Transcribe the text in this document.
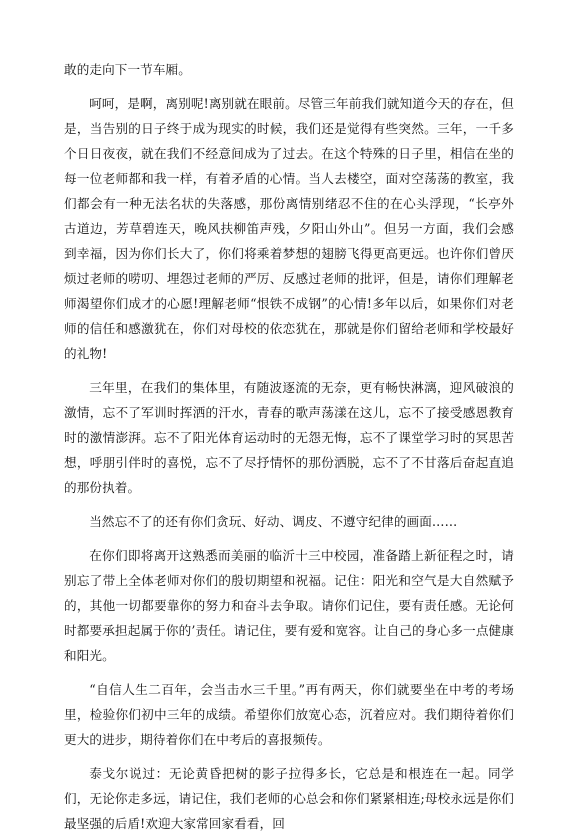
敢的走向下一节车厢。

呵呵，是啊，离别呢!离别就在眼前。尽管三年前我们就知道今天的存在，但是，当告别的日子终于成为现实的时候，我们还是觉得有些突然。三年，一千多个日日夜夜，就在我们不经意间成为了过去。在这个特殊的日子里，相信在坐的每一位老师都和我一样，有着矛盾的心情。当人去楼空，面对空荡荡的教室，我们都会有一种无法名状的失落感，那份离情别绪忍不住的在心头浮现，“长亭外古道边，芳草碧连天，晚风扶柳笛声残，夕阳山外山”。但另一方面，我们会感到幸福，因为你们长大了，你们将乘着梦想的翅膀飞得更高更远。也许你们曾厌烦过老师的唠叨、埋怨过老师的严厉、反感过老师的批评，但是，请你们理解老师渴望你们成才的心愿!理解老师“恨铁不成钢”的心情!多年以后，如果你们对老师的信任和感激犹在，你们对母校的依恋犹在，那就是你们留给老师和学校最好的礼物!

三年里，在我们的集体里，有随波逐流的无奈，更有畅快淋漓，迎风破浪的激情，忘不了军训时挥洒的汗水，青春的歌声荡漾在这儿，忘不了接受感恩教育时的激情澎湃。忘不了阳光体育运动时的无怨无悔，忘不了课堂学习时的冥思苦想，呼朋引伴时的喜悦，忘不了尽抒情怀的那份洒脱，忘不了不甘落后奋起直追的那份执着。

当然忘不了的还有你们贪玩、好动、调皮、不遵守纪律的画面……

在你们即将离开这熟悉而美丽的临沂十三中校园，准备踏上新征程之时，请别忘了带上全体老师对你们的殷切期望和祝福。记住：阳光和空气是大自然赋予的，其他一切都要靠你的努力和奋斗去争取。请你们记住，要有责任感。无论何时都要承担起属于你的’责任。请记住，要有爱和宽容。让自己的身心多一点健康和阳光。

“自信人生二百年，会当击水三千里。”再有两天，你们就要坐在中考的考场里，检验你们初中三年的成绩。希望你们放宽心态，沉着应对。我们期待着你们更大的进步，期待着你们在中考后的喜报频传。

泰戈尔说过：无论黄昏把树的影子拉得多长，它总是和根连在一起。同学们，无论你走多远，请记住，我们老师的心总会和你们紧紧相连;母校永远是你们最坚强的后盾!欢迎大家常回家看看，回
